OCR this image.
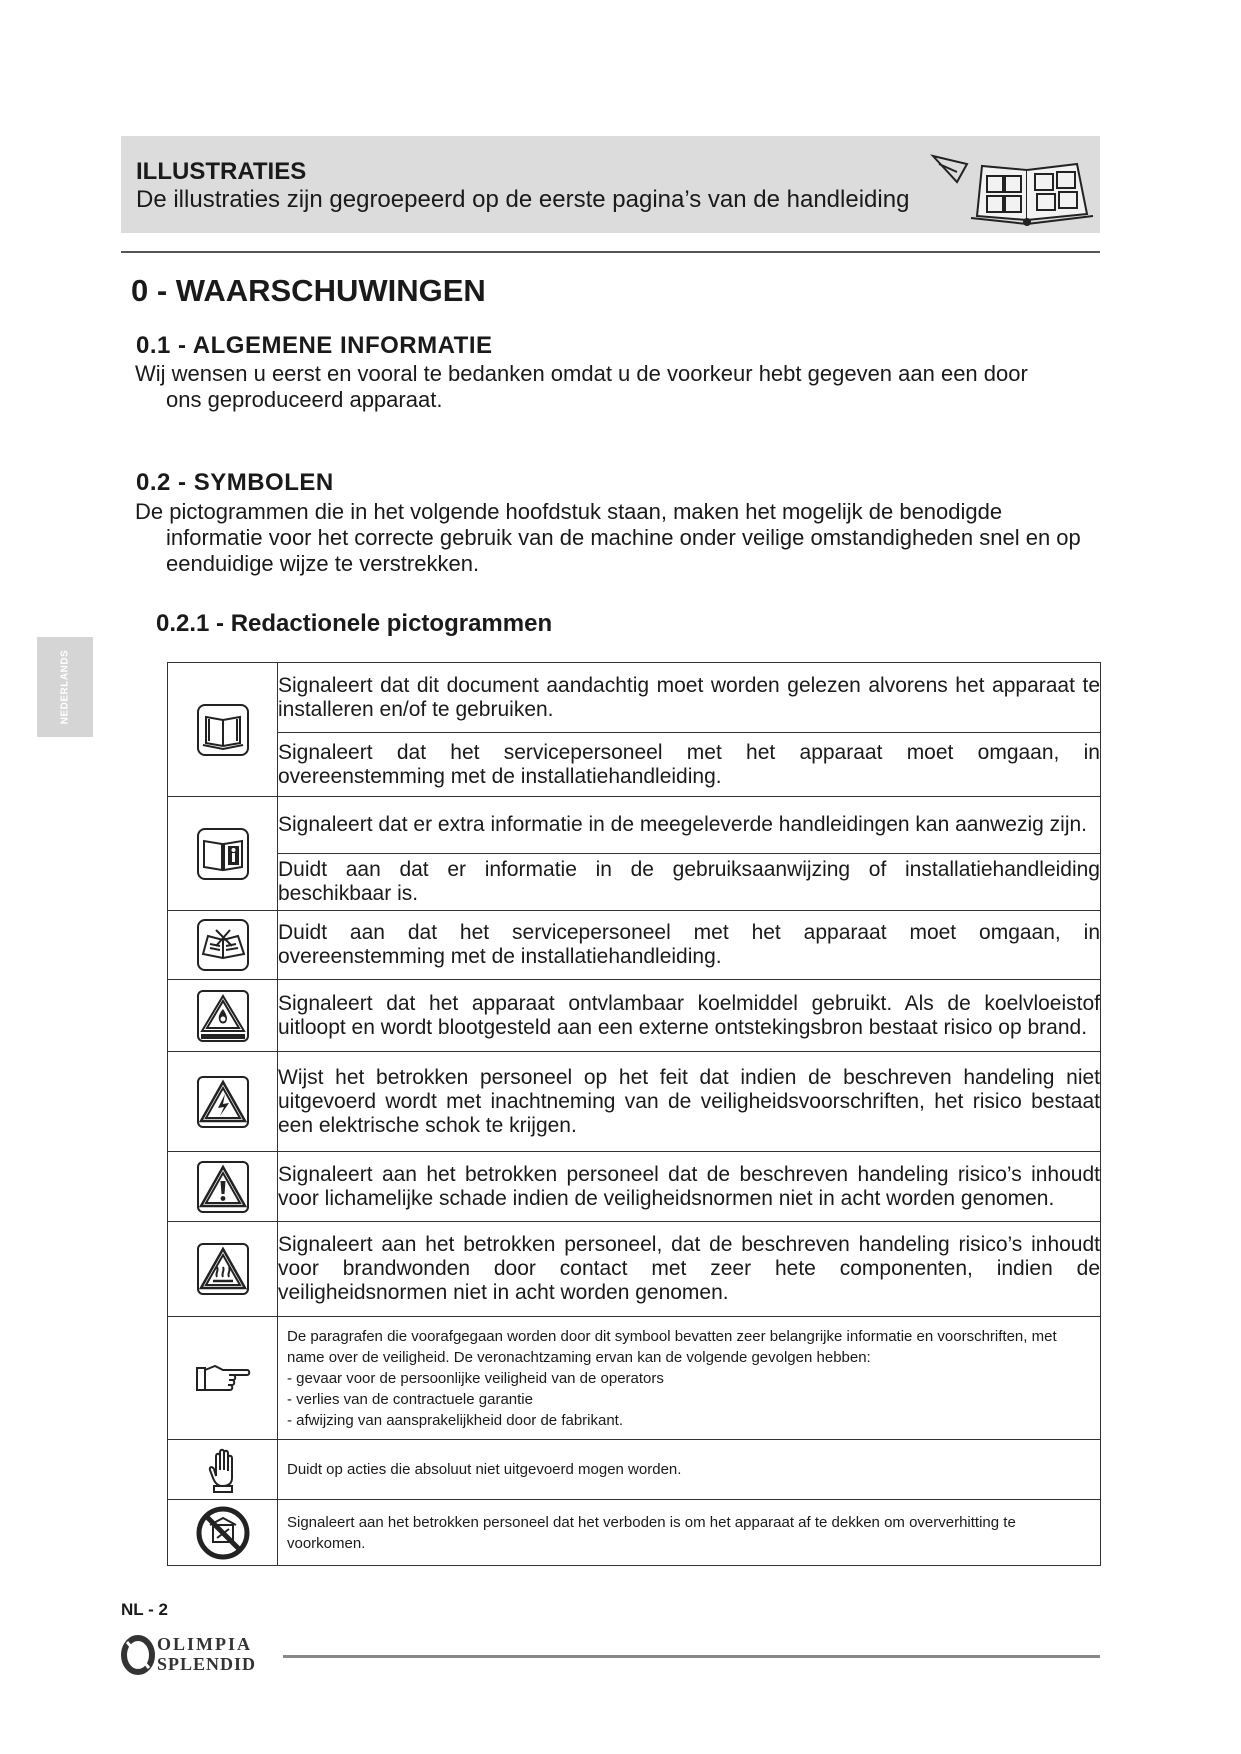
ILLUSTRATIES
De illustraties zijn gegroepeerd op de eerste pagina’s van de handleiding
0 - WAARSCHUWINGEN
0.1 - ALGEMENE INFORMATIE
Wij wensen u eerst en vooral te bedanken omdat u de voorkeur hebt gegeven aan een door
ons geproduceerd apparaat.
0.2 - SYMBOLEN
De pictogrammen die in het volgende hoofdstuk staan, maken het mogelijk de benodigde
informatie voor het correcte gebruik van de machine onder veilige omstandigheden snel en op eenduidige wijze te verstrekken.
0.2.1 - Redactionele pictogrammen
NEDERLANDS
		Signaleert dat dit document aandachtig moet worden gelezen alvorens het apparaat te installeren en/of te gebruiken.
	Signaleert dat het servicepersoneel met het apparaat moet omgaan, in overeenstemming met de installatiehandleiding.
	Signaleert dat er extra informatie in de meegeleverde handleidingen kan aanwezig zijn.
	Duidt aan dat er informatie in de gebruiksaanwijzing of installatiehandleiding beschikbaar is.
	Duidt aan dat het servicepersoneel met het apparaat moet omgaan, in overeenstemming met de installatiehandleiding.
	Signaleert dat het apparaat ontvlambaar koelmiddel gebruikt. Als de koelvloeistof uitloopt en wordt blootgesteld aan een externe ontstekingsbron bestaat risico op brand.
	Wijst het betrokken personeel op het feit dat indien de beschreven handeling niet uitgevoerd wordt met inachtneming van de veiligheidsvoorschriften, het risico bestaat een elektrische schok te krijgen.
	Signaleert aan het betrokken personeel dat de beschreven handeling risico’s inhoudt voor lichamelijke schade indien de veiligheidsnormen niet in acht worden genomen.
	Signaleert aan het betrokken personeel, dat de beschreven handeling risico’s inhoudt voor brandwonden door contact met zeer hete componenten, indien de veiligheidsnormen niet in acht worden genomen.

De paragrafen die voorafgegaan worden door dit symbool bevatten zeer belangrijke informatie en voorschriften, met name over de veiligheid. De veronachtzaming ervan kan de volgende gevolgen hebben:
- gevaar voor de persoonlijke veiligheid van de operators
- verlies van de contractuele garantie
- afwijzing van aansprakelijkheid door de fabrikant.

	Duidt op acties die absoluut niet uitgevoerd mogen worden.
	Signaleert aan het betrokken personeel dat het verboden is om het apparaat af te dekken om oververhitting te voorkomen.
NL - 2
OLIMPIA
SPLENDID
